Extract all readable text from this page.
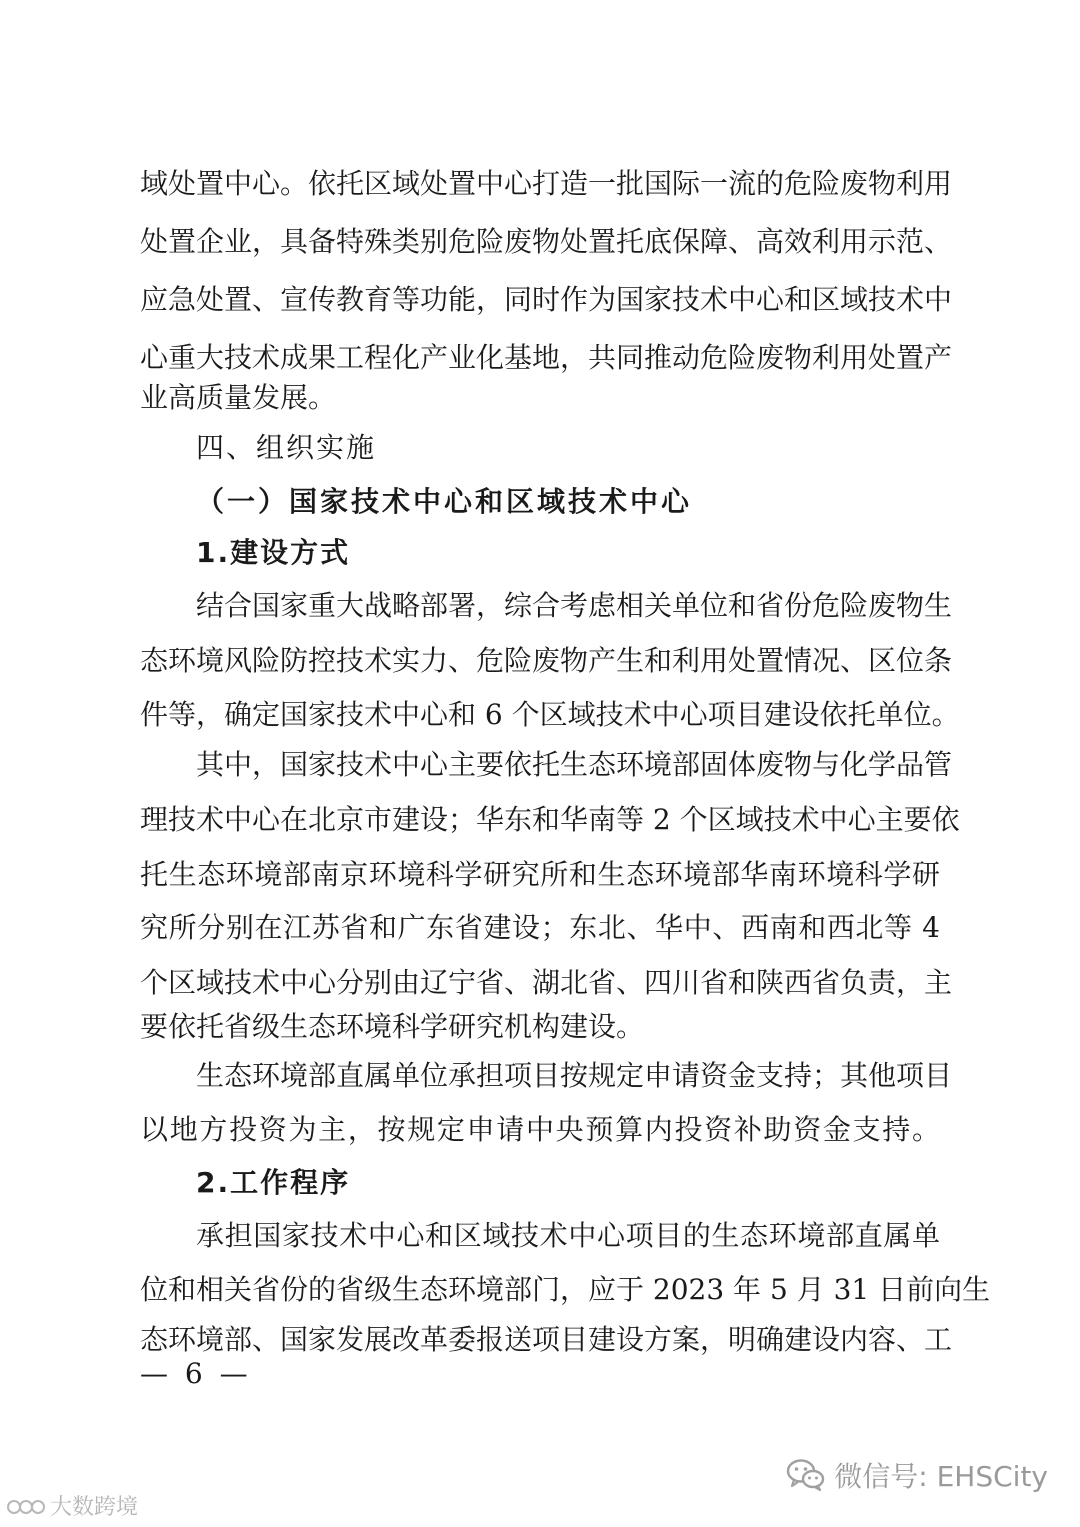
域处置中心。依托区域处置中心打造一批国际一流的危险废物利用
处置企业，具备特殊类别危险废物处置托底保障、高效利用示范、
应急处置、宣传教育等功能，同时作为国家技术中心和区域技术中
心重大技术成果工程化产业化基地，共同推动危险废物利用处置产
业高质量发展。
四、组织实施
（一）国家技术中心和区域技术中心
1.建设方式
结合国家重大战略部署，综合考虑相关单位和省份危险废物生
态环境风险防控技术实力、危险废物产生和利用处置情况、区位条
件等，确定国家技术中心和 6 个区域技术中心项目建设依托单位。
其中，国家技术中心主要依托生态环境部固体废物与化学品管
理技术中心在北京市建设；华东和华南等 2 个区域技术中心主要依
托生态环境部南京环境科学研究所和生态环境部华南环境科学研
究所分别在江苏省和广东省建设；东北、华中、西南和西北等 4
个区域技术中心分别由辽宁省、湖北省、四川省和陕西省负责，主
要依托省级生态环境科学研究机构建设。
生态环境部直属单位承担项目按规定申请资金支持；其他项目
以地方投资为主，按规定申请中央预算内投资补助资金支持。
2.工作程序
承担国家技术中心和区域技术中心项目的生态环境部直属单
位和相关省份的省级生态环境部门，应于 2023 年 5 月 31 日前向生
态环境部、国家发展改革委报送项目建设方案，明确建设内容、工
— 6 —
微信号: EHSCity
大数跨境
